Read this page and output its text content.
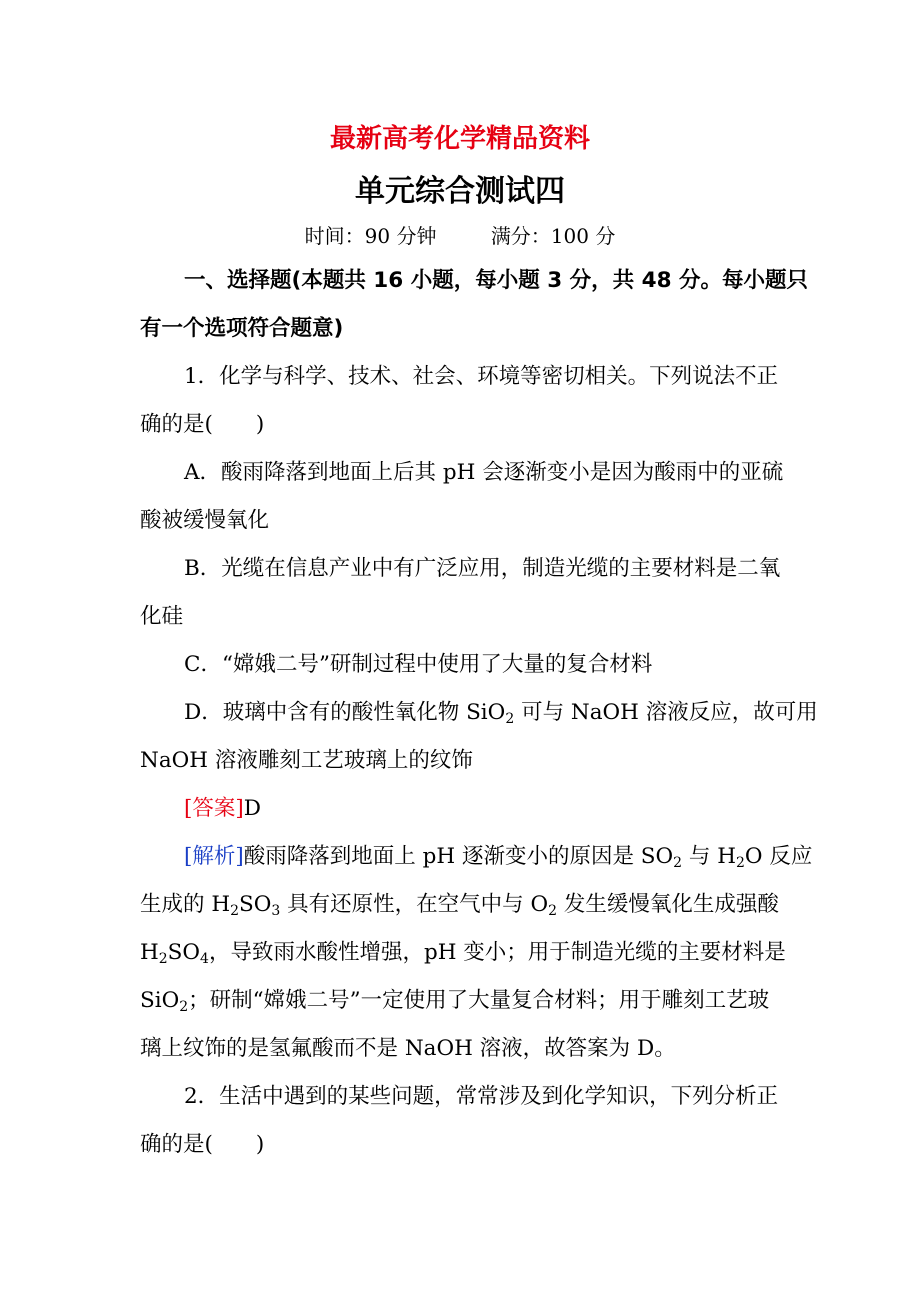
最新高考化学精品资料
单元综合测试四
时间：90 分钟	满分：100 分
一、选择题(本题共 16 小题，每小题 3 分，共 48 分。每小题只
有一个选项符合题意)
1．化学与科学、技术、社会、环境等密切相关。下列说法不正
确的是(　　)
A．酸雨降落到地面上后其 pH 会逐渐变小是因为酸雨中的亚硫
酸被缓慢氧化
B．光缆在信息产业中有广泛应用，制造光缆的主要材料是二氧
化硅
C．“嫦娥二号”研制过程中使用了大量的复合材料
D．玻璃中含有的酸性氧化物 SiO$_2$ 可与 NaOH 溶液反应，故可用
NaOH 溶液雕刻工艺玻璃上的纹饰
[答案]D
[解析]酸雨降落到地面上 pH 逐渐变小的原因是 $SO_2$ 与 $H_2O$ 反应
生成的 $H_2SO_3$ 具有还原性，在空气中与 $O_2$ 发生缓慢氧化生成强酸
$H_2SO_4$，导致雨水酸性增强，pH 变小；用于制造光缆的主要材料是
SiO$_2$；研制“嫦娥二号”一定使用了大量复合材料；用于雕刻工艺玻
璃上纹饰的是氢氟酸而不是 NaOH 溶液，故答案为 D。
2．生活中遇到的某些问题，常常涉及到化学知识，下列分析正
确的是(　　)
